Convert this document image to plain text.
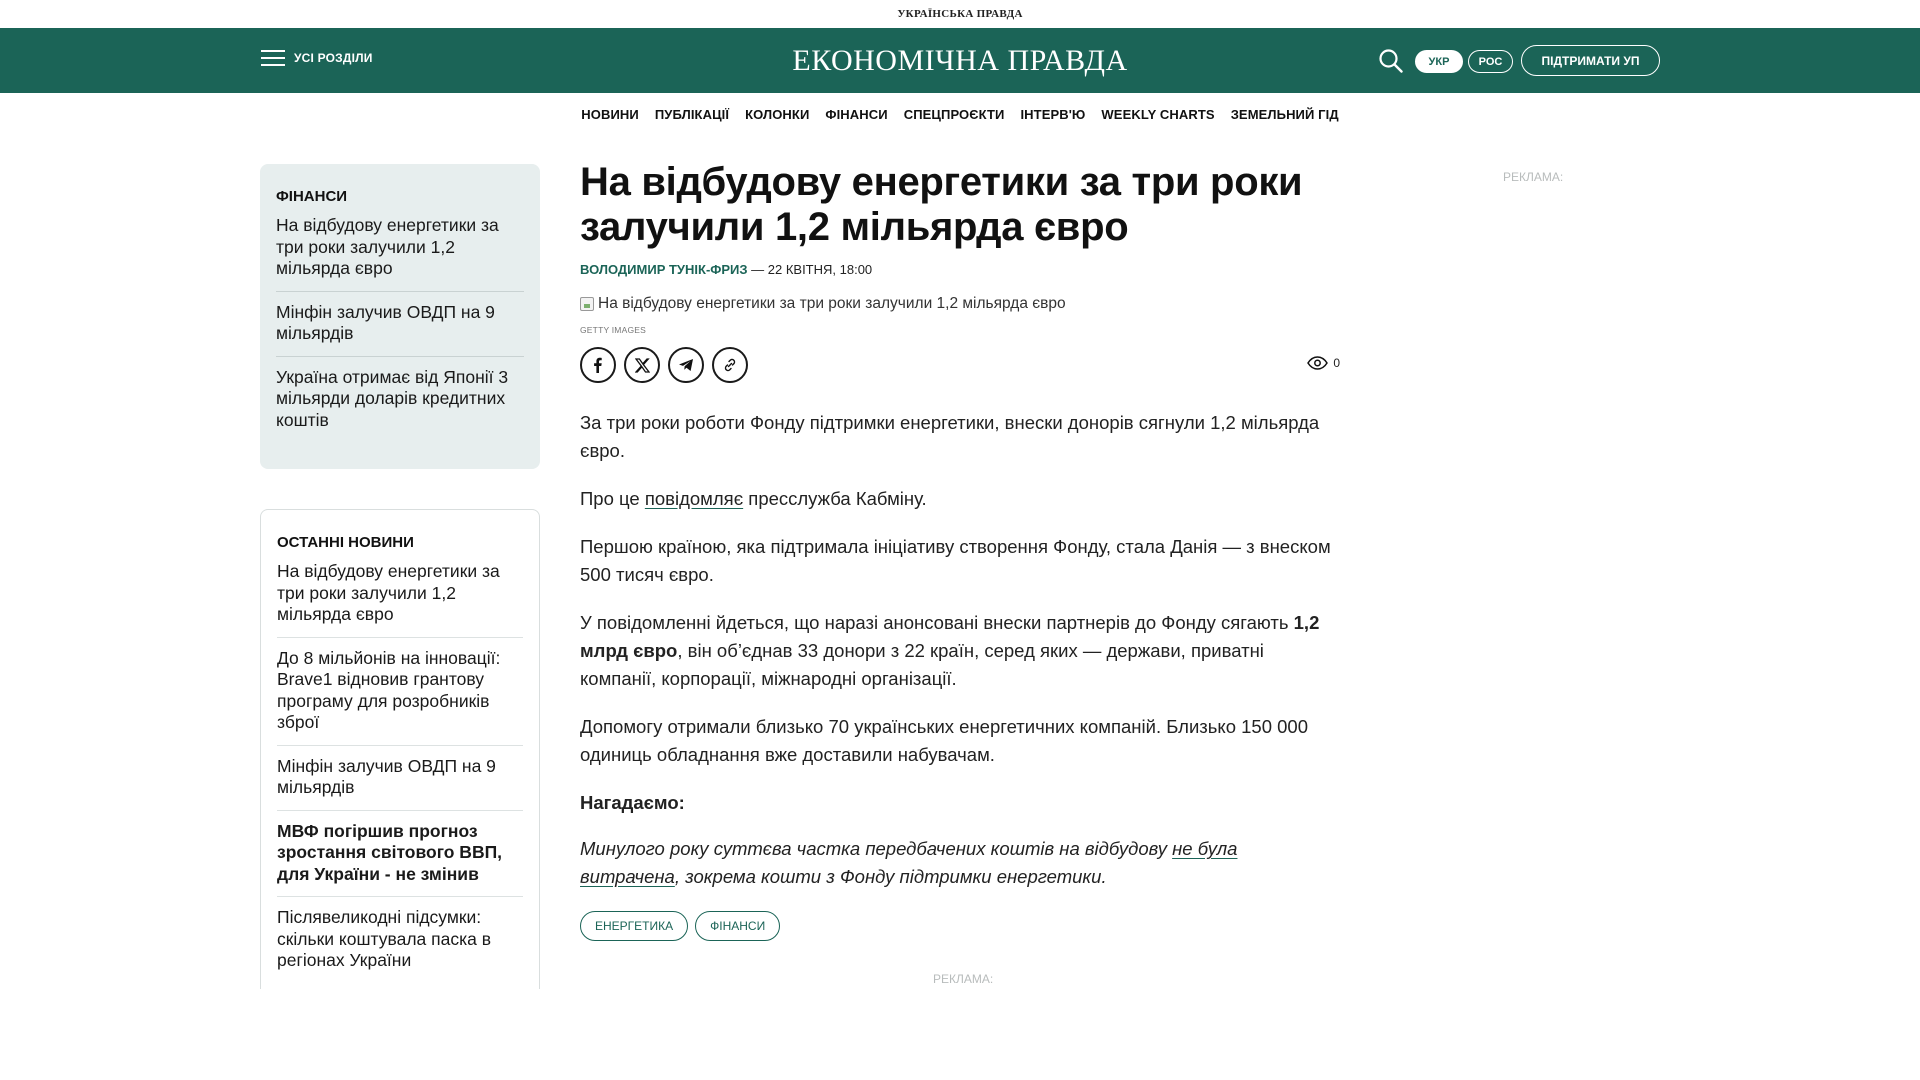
УКРАЇНСЬКА ПРАВДА
УСІ РОЗДІЛИ	ЕКОНОМІЧНА ПРАВДА	УКР	РОС	ПІДТРИМАТИ УП
НОВИНИ ПУБЛІКАЦІЇ КОЛОНКИ ФІНАНСИ СПЕЦПРОЄКТИ ІНТЕРВ'Ю WEEKLY CHARTS ЗЕМЕЛЬНИЙ ГІД
ФІНАНСИ
На відбудову енергетики за три роки залучили 1,2 мільярда євро
Мінфін залучив ОВДП на 9 мільярдів
Україна отримає від Японії 3 мільярди доларів кредитних коштів
ОСТАННІ НОВИНИ
На відбудову енергетики за три роки залучили 1,2 мільярда євро
До 8 мільйонів на інновації: Brave1 відновив грантову програму для розробників зброї
Мінфін залучив ОВДП на 9 мільярдів
МВФ погіршив прогноз зростання світового ВВП, для України - не змінив
Післявеликодні підсумки: скільки коштувала паска в регіонах України
На відбудову енергетики за три роки залучили 1,2 мільярда євро
ВОЛОДИМИР ТУНІК-ФРИЗ — 22 КВІТНЯ, 18:00
На відбудову енергетики за три роки залучили 1,2 мільярда євро
GETTY IMAGES
0

За три роки роботи Фонду підтримки енергетики, внески донорів сягнули 1,2 мільярда євро.

Про це повідомляє пресслужба Кабміну.

Першою країною, яка підтримала ініціативу створення Фонду, стала Данія — з внеском 500 тисяч євро.

У повідомленні йдеться, що наразі анонсовані внески партнерів до Фонду сягають 1,2 млрд євро, він об’єднав 33 донори з 22 країн, серед яких — держави, приватні компанії, корпорації, міжнародні організації.

Допомогу отримали близько 70 українських енергетичних компаній. Близько 150 000 одиниць обладнання вже доставили набувачам.

Нагадаємо:

Минулого року суттєва частка передбачених коштів на відбудову не була витрачена, зокрема кошти з Фонду підтримки енергетики.

ЕНЕРГЕТИКА	ФІНАНСИ
РЕКЛАМА:
РЕКЛАМА:
